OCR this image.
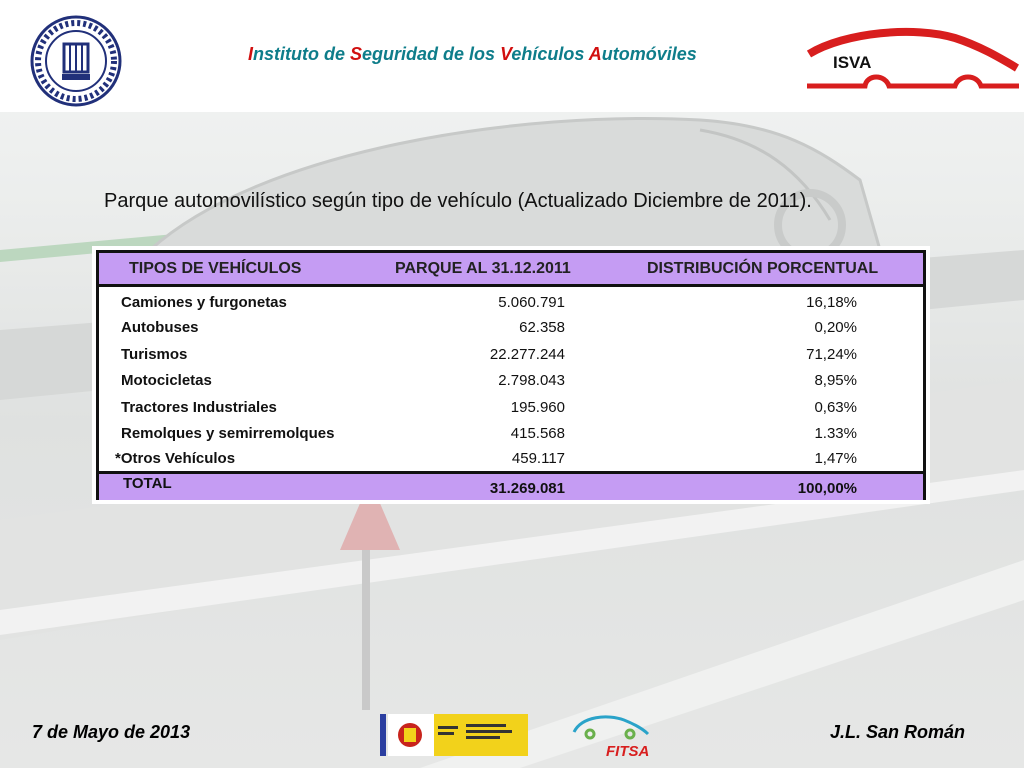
Instituto de Seguridad de los Vehículos Automóviles	ISVA
Parque automovilístico según tipo de vehículo (Actualizado Diciembre de 2011).
TIPOS DE VEHÍCULOS	PARQUE AL 31.12.2011	DISTRIBUCIÓN PORCENTUAL
Camiones y furgonetas	5.060.791	16,18%
Autobuses	62.358	0,20%
Turismos	22.277.244	71,24%
Motocicletas	2.798.043	8,95%
Tractores Industriales	195.960	0,63%
Remolques y semirremolques	415.568	1.33%
*Otros Vehículos	459.117	1,47%
TOTAL	31.269.081	100,00%
7 de Mayo de 2013
FITSA
J.L. San Román
